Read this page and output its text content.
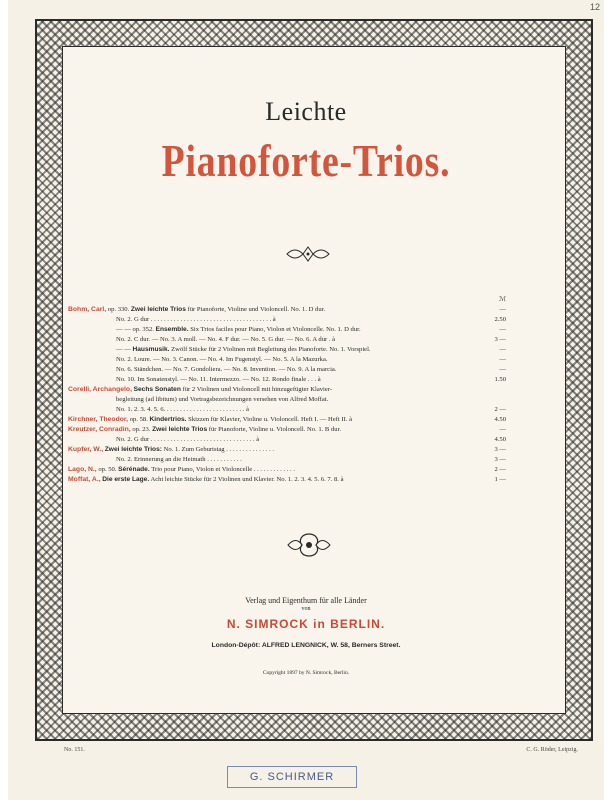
12
Leichte
Pianoforte-Trios.
ℳ
Bohm, Carl, op. 330. Zwei leichte Trios für Pianoforte, Violine und Violoncell. No. 1. D dur.	—
No. 2. G dur . . . . . . . . . . . . . . . . . . . . . . . . . . . . . . . . . . . . . à	2.50
— — op. 352. Ensemble. Six Trios faciles pour Piano, Violon et Violoncelle. No. 1. D dur.	—
No. 2. C dur. — No. 3. A moll. — No. 4. F dur. — No. 5. G dur. — No. 6. A dur . à	3 —
— — Hausmusik. Zwölf Stücke für 2 Violinen mit Begleitung des Pianoforte. No. 1. Vorspiel.	—
No. 2. Loure. — No. 3. Canon. — No. 4. Im Fugenstyl. — No. 5. A la Mazurka.	—
No. 6. Ständchen. — No. 7. Gondoliera. — No. 8. Invention. — No. 9. A la marcia.	—
No. 10. Im Sonatenstyl. — No. 11. Intermezzo. — No. 12. Rondo finale . . . à	1.50
Corelli, Archangelo, Sechs Sonaten für 2 Violinen und Violoncell mit hinzugefügter Klavier-
begleitung (ad libitum) und Vortragsbezeichnungen versehen von Alfred Moffat.
No. 1. 2. 3. 4. 5. 6. . . . . . . . . . . . . . . . . . . . . . . . . à	2 —
Kirchner, Theodor, op. 58. Kindertrios. Skizzen für Klavier, Violine u. Violoncell. Heft I. — Heft II. à	4.50
Kreutzer, Conradin, op. 23. Zwei leichte Trios für Pianoforte, Violine u. Violoncell. No. 1. B dur.	—
No. 2. G dur . . . . . . . . . . . . . . . . . . . . . . . . . . . . . . . . à	4.50
Kupfer, W., Zwei leichte Trios: No. 1. Zum Geburtstag . . . . . . . . . . . . . . .	3 —
No. 2. Erinnerung an die Heimath . . . . . . . . . . .	3 —
Lago, N., op. 50. Sérénade. Trio pour Piano, Violon et Violoncelle . . . . . . . . . . . . .	2 —
Moffat, A., Die erste Lage. Acht leichte Stücke für 2 Violinen und Klavier. No. 1. 2. 3. 4. 5. 6. 7. 8. à	1 —
Verlag und Eigenthum für alle Länder
von
N. SIMROCK in BERLIN.
London-Dépôt: ALFRED LENGNICK, W. 58, Berners Street.
Copyright 1897 by N. Simrock, Berlin.
No. 151.	C. G. Röder, Leipzig.
G. SCHIRMER
